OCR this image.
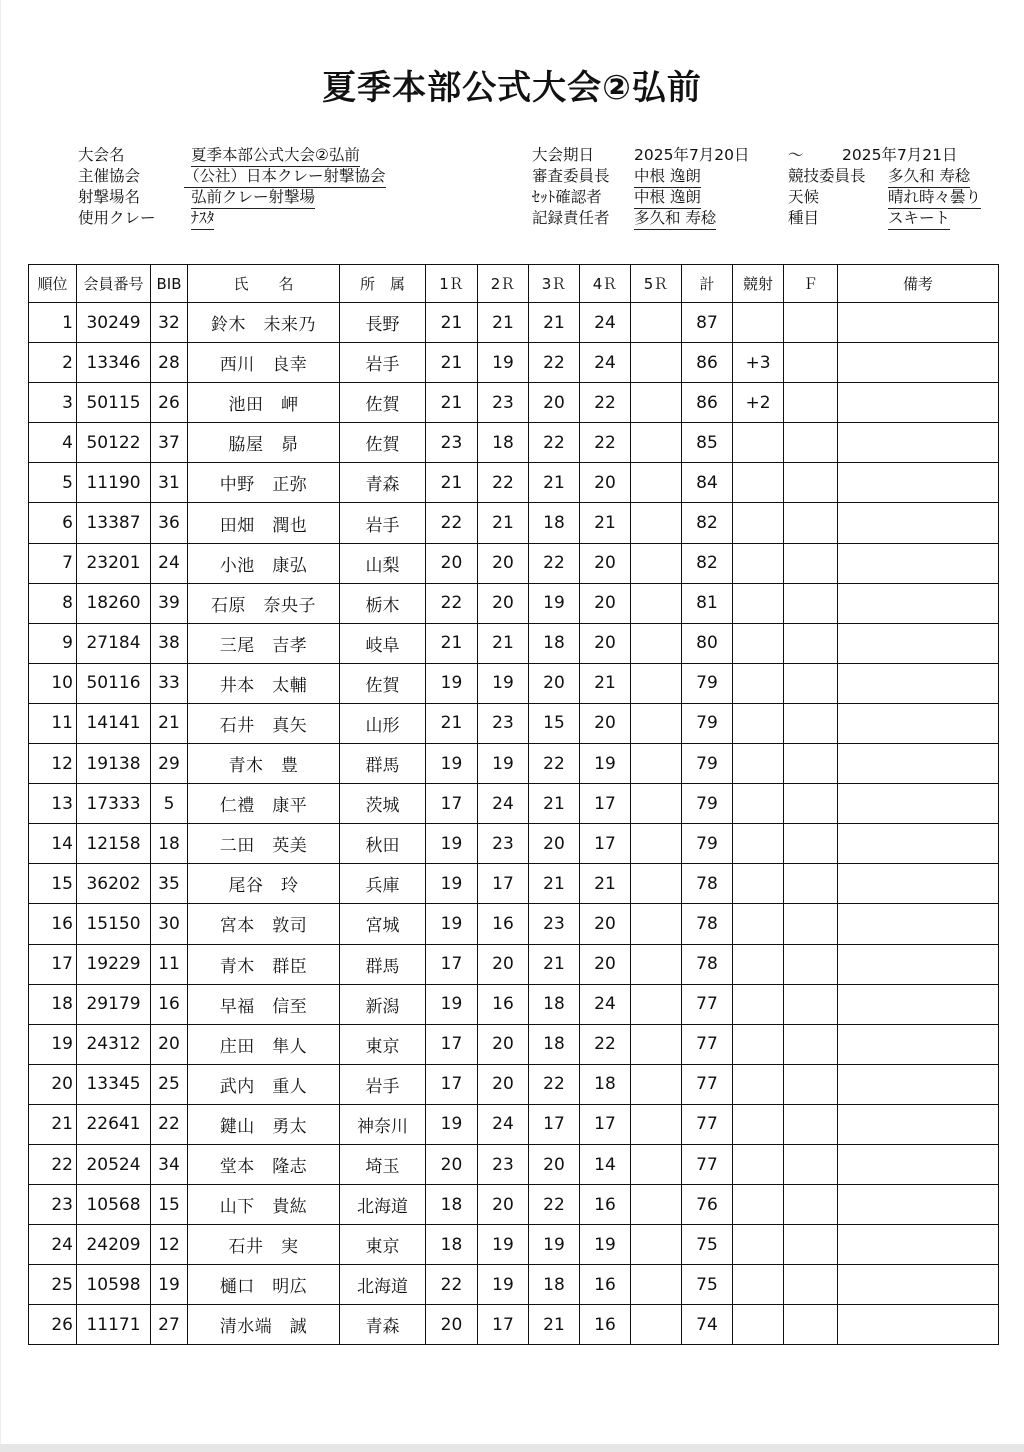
夏季本部公式大会②弘前
大会名	夏季本部公式大会②弘前
主催協会	（公社）日本クレー射撃協会
射撃場名	弘前クレー射撃場
使用クレー ﾅｽﾀ
大会期日	2025年7月20日 ～ 2025年7月21日
審査委員長 中根 逸朗	競技委員長 多久和 寿稔
ｾｯﾄ確認者 中根 逸朗	天候	晴れ時々曇り
記録責任者 多久和 寿稔	種目	スキート
順位	会員番号	BIB	氏　　名	所　属	1Ｒ	2Ｒ	3Ｒ	4Ｒ	5Ｒ	計	競射	Ｆ	備考
1	30249	32	鈴木　未来乃	長野	21	21	21	24		87			
2	13346	28	西川　良幸	岩手	21	19	22	24		86	+3		
3	50115	26	池田　岬	佐賀	21	23	20	22		86	+2		
4	50122	37	脇屋　昴	佐賀	23	18	22	22		85			
5	11190	31	中野　正弥	青森	21	22	21	20		84			
6	13387	36	田畑　潤也	岩手	22	21	18	21		82			
7	23201	24	小池　康弘	山梨	20	20	22	20		82			
8	18260	39	石原　奈央子	栃木	22	20	19	20		81			
9	27184	38	三尾　吉孝	岐阜	21	21	18	20		80			
10	50116	33	井本　太輔	佐賀	19	19	20	21		79			
11	14141	21	石井　真矢	山形	21	23	15	20		79			
12	19138	29	青木　豊	群馬	19	19	22	19		79			
13	17333	5	仁禮　康平	茨城	17	24	21	17		79			
14	12158	18	二田　英美	秋田	19	23	20	17		79			
15	36202	35	尾谷　玲	兵庫	19	17	21	21		78			
16	15150	30	宮本　敦司	宮城	19	16	23	20		78			
17	19229	11	青木　群臣	群馬	17	20	21	20		78			
18	29179	16	早福　信至	新潟	19	16	18	24		77			
19	24312	20	庄田　隼人	東京	17	20	18	22		77			
20	13345	25	武内　重人	岩手	17	20	22	18		77			
21	22641	22	鍵山　勇太	神奈川	19	24	17	17		77			
22	20524	34	堂本　隆志	埼玉	20	23	20	14		77			
23	10568	15	山下　貴紘	北海道	18	20	22	16		76			
24	24209	12	石井　実	東京	18	19	19	19		75			
25	10598	19	樋口　明広	北海道	22	19	18	16		75			
26	11171	27	清水端　誠	青森	20	17	21	16		74			
